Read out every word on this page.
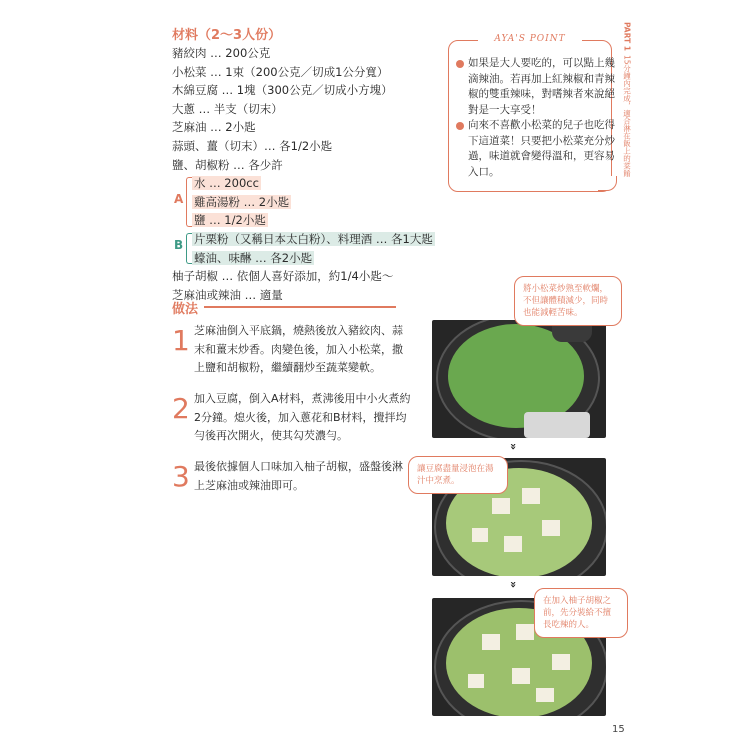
材料（2～3人份）
豬絞肉 … 200公克
小松菜 … 1束（200公克／切成1公分寬）
木綿豆腐 … 1塊（300公克／切成小方塊）
大蔥 … 半支（切末）
芝麻油 … 2小匙
蒜頭、薑（切末）… 各1/2小匙
鹽、胡椒粉 … 各少許
A
水 … 200cc
雞高湯粉 … 2小匙
鹽 … 1/2小匙
B 片栗粉（又稱日本太白粉）、料理酒 … 各1大匙
蠔油、味醂 … 各2小匙
柚子胡椒 … 依個人喜好添加，約1/4小匙～
芝麻油或辣油 … 適量
AYA'S POINT
如果是大人要吃的，可以點上幾滴辣油。若再加上紅辣椒和青辣椒的雙重辣味，對嗜辣者來說絕對是一大享受！
向來不喜歡小松菜的兒子也吃得下這道菜！只要把小松菜充分炒過，味道就會變得溫和，更容易入口。
PART 1
15分鐘內完成，適合淋在飯上的菜餚
做法
1 芝麻油倒入平底鍋，燒熱後放入豬絞肉、蒜末和薑末炒香。肉變色後，加入小松菜，撒上鹽和胡椒粉，繼續翻炒至蔬菜變軟。
2 加入豆腐，倒入A材料，煮沸後用中小火煮約2分鐘。熄火後，加入蔥花和B材料，攪拌均勻後再次開火，使其勾芡濃勻。
3 最後依據個人口味加入柚子胡椒，盛盤後淋上芝麻油或辣油即可。
»
»
將小松菜炒熟至軟爛，不但讓體積減少，同時也能減輕苦味。
讓豆腐盡量浸泡在湯汁中烹煮。
在加入柚子胡椒之前，先分裝給不擅長吃辣的人。
15
